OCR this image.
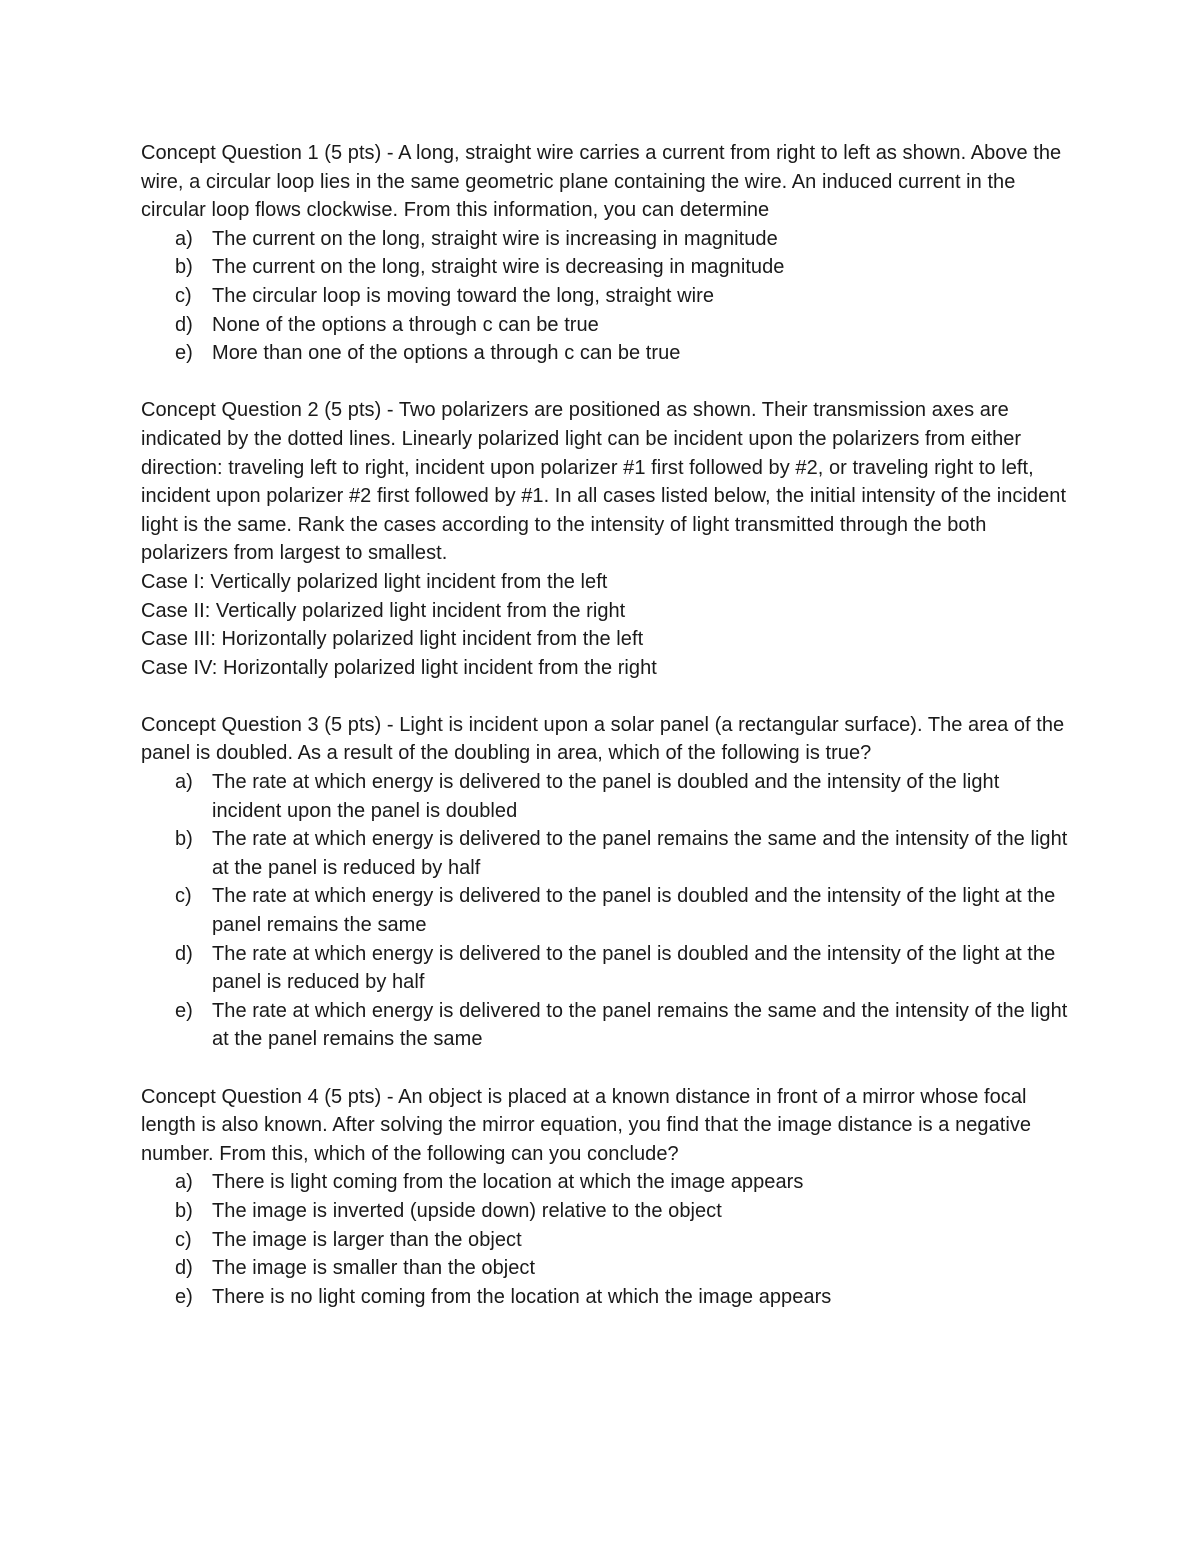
Concept Question 1 (5 pts) - A long, straight wire carries a current from right to left as shown. Above the wire, a circular loop lies in the same geometric plane containing the wire. An induced current in the circular loop flows clockwise. From this information, you can determine

a) The current on the long, straight wire is increasing in magnitude
b) The current on the long, straight wire is decreasing in magnitude
c) The circular loop is moving toward the long, straight wire
d) None of the options a through c can be true
e) More than one of the options a through c can be true

Concept Question 2 (5 pts) - Two polarizers are positioned as shown. Their transmission axes are indicated by the dotted lines. Linearly polarized light can be incident upon the polarizers from either direction: traveling left to right, incident upon polarizer #1 first followed by #2, or traveling right to left, incident upon polarizer #2 first followed by #1. In all cases listed below, the initial intensity of the incident light is the same. Rank the cases according to the intensity of light transmitted through the both polarizers from largest to smallest.

Case I: Vertically polarized light incident from the left

Case II: Vertically polarized light incident from the right

Case III: Horizontally polarized light incident from the left

Case IV: Horizontally polarized light incident from the right

Concept Question 3 (5 pts) - Light is incident upon a solar panel (a rectangular surface). The area of the panel is doubled. As a result of the doubling in area, which of the following is true?

a) The rate at which energy is delivered to the panel is doubled and the intensity of the light incident upon the panel is doubled
b) The rate at which energy is delivered to the panel remains the same and the intensity of the light at the panel is reduced by half
c) The rate at which energy is delivered to the panel is doubled and the intensity of the light at the panel remains the same
d) The rate at which energy is delivered to the panel is doubled and the intensity of the light at the panel is reduced by half
e) The rate at which energy is delivered to the panel remains the same and the intensity of the light at the panel remains the same

Concept Question 4 (5 pts) - An object is placed at a known distance in front of a mirror whose focal length is also known. After solving the mirror equation, you find that the image distance is a negative number. From this, which of the following can you conclude?

a) There is light coming from the location at which the image appears
b) The image is inverted (upside down) relative to the object
c) The image is larger than the object
d) The image is smaller than the object
e) There is no light coming from the location at which the image appears
